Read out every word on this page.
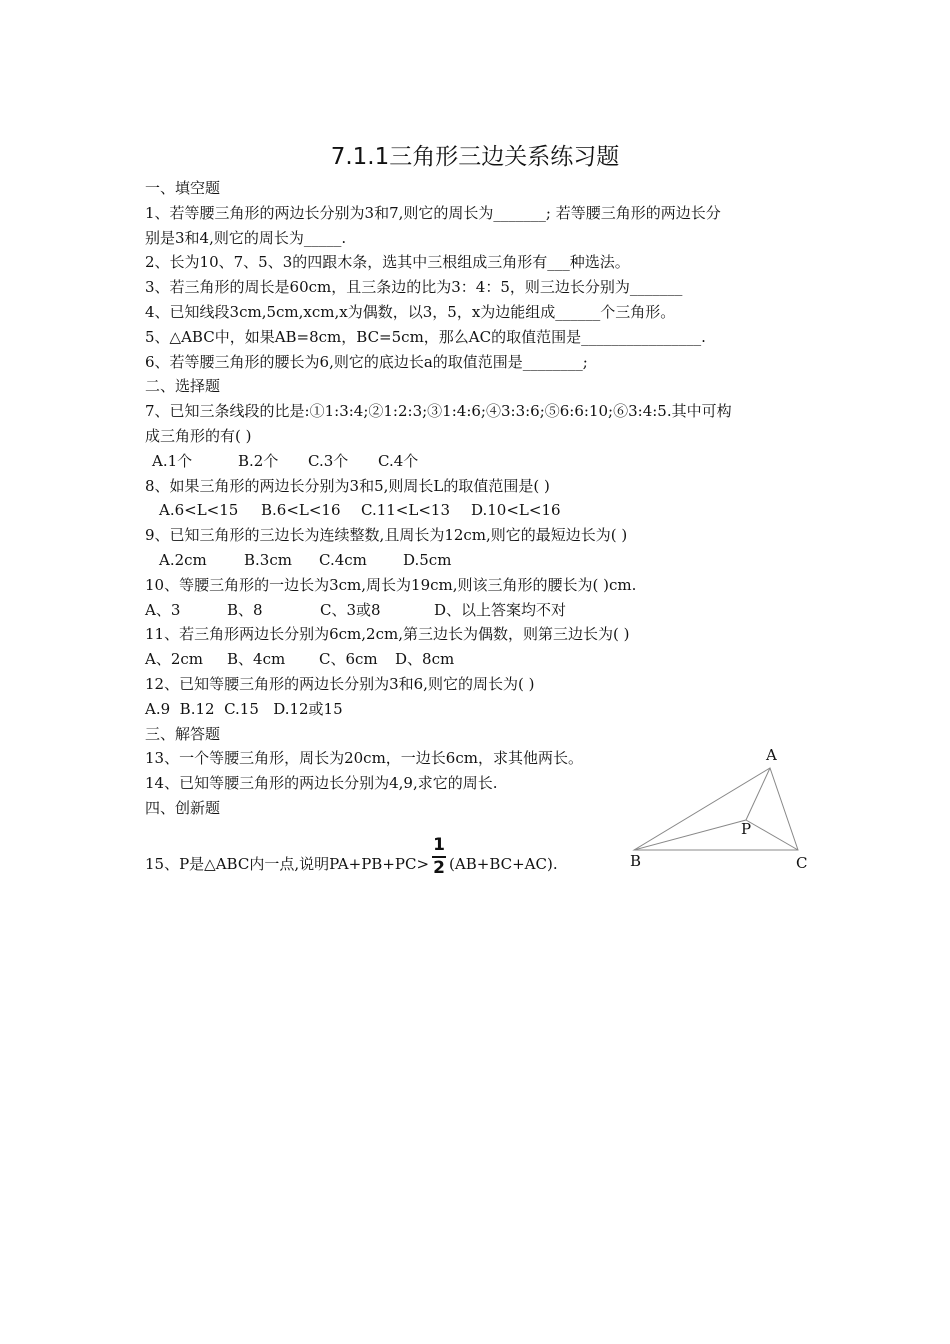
7.1.1三角形三边关系练习题
一、填空题
1、若等腰三角形的两边长分别为3和7,则它的周长为_______; 若等腰三角形的两边长分
别是3和4,则它的周长为_____.
2、长为10、7、5、3的四跟木条，选其中三根组成三角形有___种选法。
3、若三角形的周长是60cm，且三条边的比为3：4：5，则三边长分别为_______
4、已知线段3cm,5cm,xcm,x为偶数，以3，5，x为边能组成______个三角形。
5、△ABC中，如果AB=8cm，BC=5cm，那么AC的取值范围是________________.
6、若等腰三角形的腰长为6,则它的底边长a的取值范围是________;
二、选择题
7、已知三条线段的比是:①1:3:4;②1:2:3;③1:4:6;④3:3:6;⑤6:6:10;⑥3:4:5.其中可构
成三角形的有( )
A.1个	B.2个 C.3个 C.4个
8、如果三角形的两边长分别为3和5,则周长L的取值范围是( )
A.6<L<15 B.6<L<16 C.11<L<13 D.10<L<16
9、已知三角形的三边长为连续整数,且周长为12cm,则它的最短边长为( )
A.2cm B.3cm C.4cm D.5cm
10、等腰三角形的一边长为3cm,周长为19cm,则该三角形的腰长为( )cm.
A、3	B、8	C、3或8	D、以上答案均不对
11、若三角形两边长分别为6cm,2cm,第三边长为偶数，则第三边长为( )
A、2cm B、4cm C、6cm D、8cm
12、已知等腰三角形的两边长分别为3和6,则它的周长为( )
A.9  B.12  C.15   D.12或15
三、解答题
13、一个等腰三角形，周长为20cm，一边长6cm，求其他两长。
14、已知等腰三角形的两边长分别为4,9,求它的周长.
四、创新题
15、P是△ABC内一点,说明$PA+PB+PC> \frac{1}{2} (AB+BC+AC)$.
A
B	C
P
